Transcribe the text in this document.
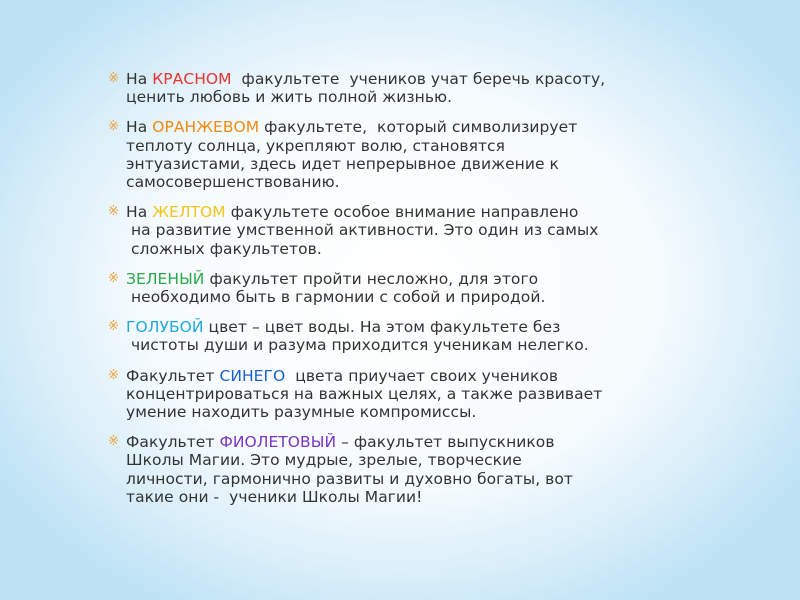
※ На КРАСНОМ  факультете  учеников учат беречь красоту,
ценить любовь и жить полной жизнью.
※ На ОРАНЖЕВОМ факультете,  который символизирует
теплоту солнца, укрепляют волю, становятся
энтуазистами, здесь идет непрерывное движение к
самосовершенствованию.
※ На ЖЕЛТОМ факультете особое внимание направлено
на развитие умственной активности. Это один из самых
сложных факультетов.
※ ЗЕЛЕНЫЙ факультет пройти несложно, для этого
необходимо быть в гармонии с собой и природой.
※ ГОЛУБОЙ цвет – цвет воды. На этом факультете без
чистоты души и разума приходится ученикам нелегко.
※ Факультет СИНЕГО  цвета приучает своих учеников
концентрироваться на важных целях, а также развивает
умение находить разумные компромиссы.
※ Факультет ФИОЛЕТОВЫЙ – факультет выпускников
Школы Магии. Это мудрые, зрелые, творческие
личности, гармонично развиты и духовно богаты, вот
такие они -  ученики Школы Магии!
